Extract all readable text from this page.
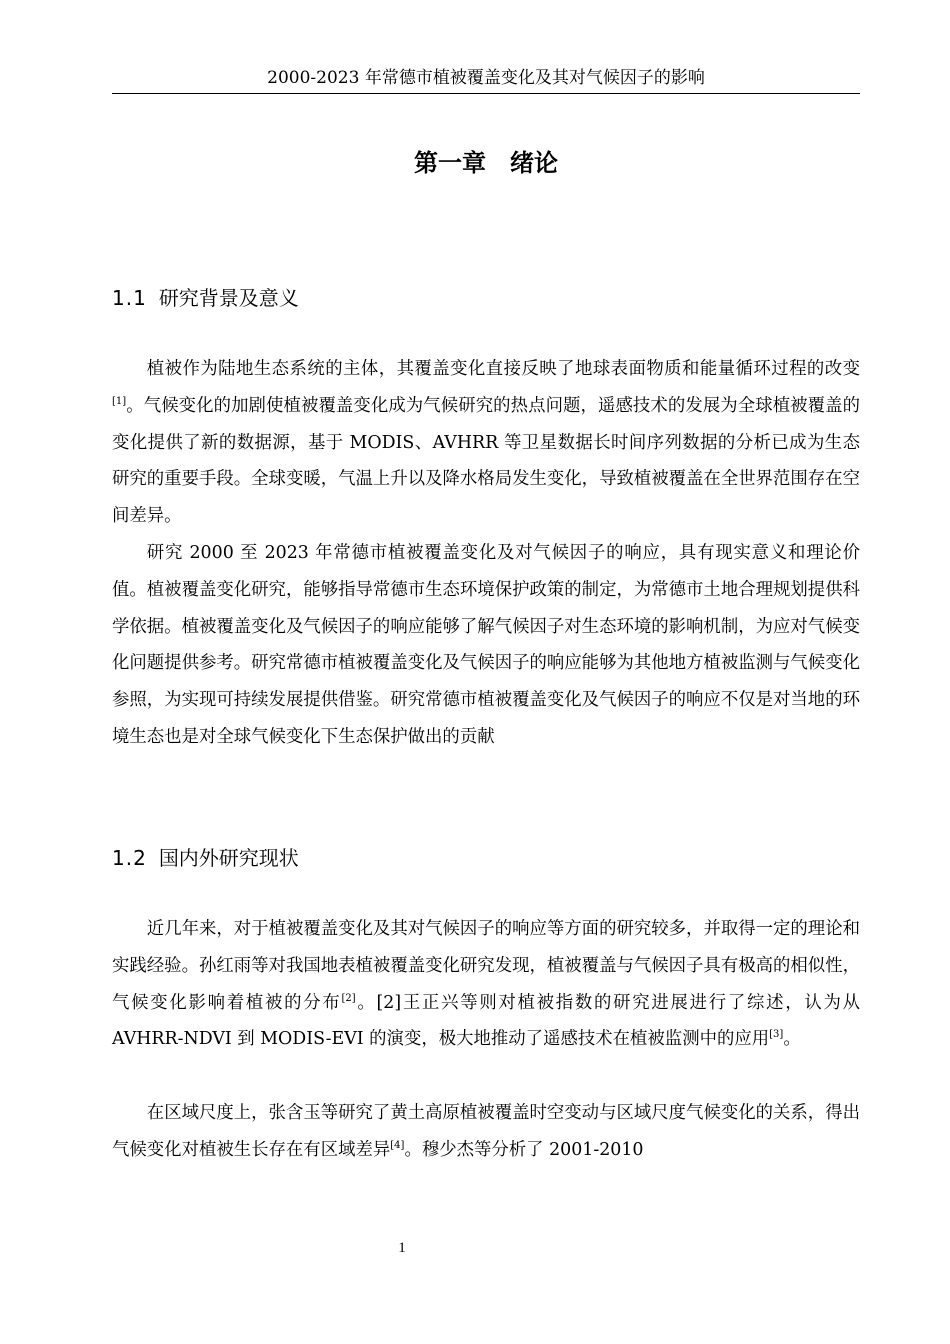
2000-2023 年常德市植被覆盖变化及其对气候因子的影响
第一章 绪论
1.1 研究背景及意义

植被作为陆地生态系统的主体，其覆盖变化直接反映了地球表面物质和能量循环过程的改变[1]。气候变化的加剧使植被覆盖变化成为气候研究的热点问题，遥感技术的发展为全球植被覆盖的变化提供了新的数据源，基于 MODIS、AVHRR 等卫星数据长时间序列数据的分析已成为生态研究的重要手段。全球变暖，气温上升以及降水格局发生变化，导致植被覆盖在全世界范围存在空间差异。

研究 2000 至 2023 年常德市植被覆盖变化及对气候因子的响应，具有现实意义和理论价值。植被覆盖变化研究，能够指导常德市生态环境保护政策的制定，为常德市土地合理规划提供科学依据。植被覆盖变化及气候因子的响应能够了解气候因子对生态环境的影响机制，为应对气候变化问题提供参考。研究常德市植被覆盖变化及气候因子的响应能够为其他地方植被监测与气候变化参照，为实现可持续发展提供借鉴。研究常德市植被覆盖变化及气候因子的响应不仅是对当地的环境生态也是对全球气候变化下生态保护做出的贡献

1.2 国内外研究现状

近几年来，对于植被覆盖变化及其对气候因子的响应等方面的研究较多，并取得一定的理论和实践经验。孙红雨等对我国地表植被覆盖变化研究发现，植被覆盖与气候因子具有极高的相似性，气候变化影响着植被的分布[2]。[2]王正兴等则对植被指数的研究进展进行了综述，认为从 AVHRR-NDVI 到 MODIS-EVI 的演变，极大地推动了遥感技术在植被监测中的应用[3]。

在区域尺度上，张含玉等研究了黄土高原植被覆盖时空变动与区域尺度气候变化的关系，得出气候变化对植被生长存在有区域差异[4]。穆少杰等分析了 2001-2010

1
